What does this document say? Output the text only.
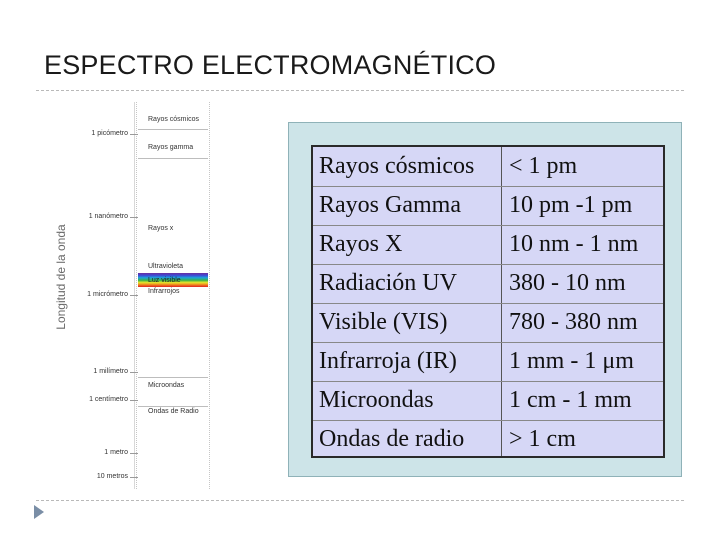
ESPECTRO ELECTROMAGNÉTICO
Longitud de la onda
1 picómetro
1 nanómetro
1 micrómetro
1 milímetro
1 centímetro
1 metro
10 metros
Rayos cósmicos
Rayos gamma
Rayos x
Ultravioleta
Luz visible
Infrarrojos
Microondas
Ondas de Radio
Rayos cósmicos < 1 pm
Rayos Gamma 10 pm -1 pm
Rayos X	10 nm - 1 nm
Radiación UV 380 - 10 nm
Visible (VIS)	780 - 380 nm
Infrarroja (IR) 1 mm - 1 μm
Microondas	1 cm - 1 mm
Ondas de radio > 1 cm
